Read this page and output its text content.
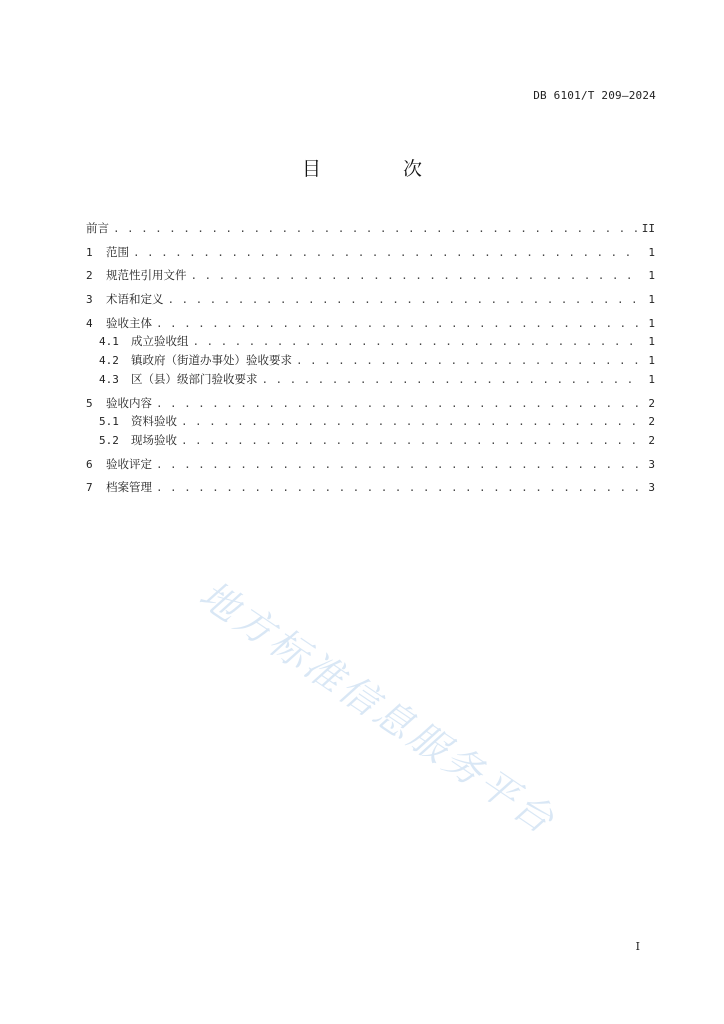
DB 6101/T 209—2024
目 次
前言 . . .	II
1	范围 . . .	1
2	规范性引用文件 . . .	1
3	术语和定义 . . .	1
4	验收主体 . . .	1
4.1	成立验收组 . . .	1
4.2	镇政府（街道办事处）验收要求 . . .	1
4.3	区（县）级部门验收要求 . . .	1
5	验收内容 . . .	2
5.1	资料验收 . . .	2
5.2	现场验收 . . .	2
6	验收评定 . . .	3
7	档案管理 . . .	3
地方标准信息服务平台
I
